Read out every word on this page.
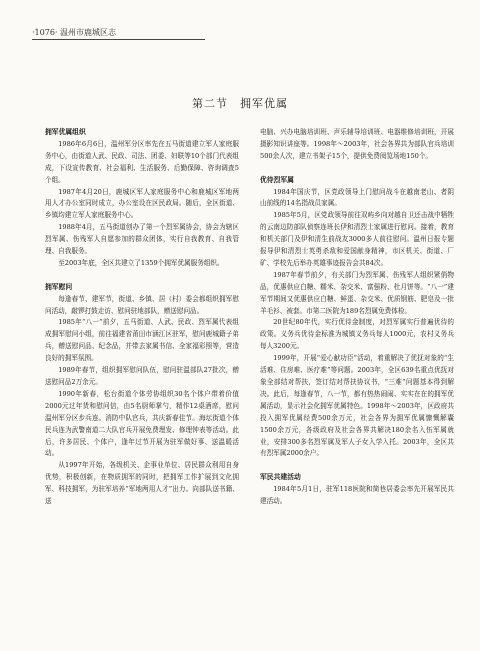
·1076· 温州市鹿城区志
第二节　拥军优属

拥军优属组织

1986年6月6日，温州军分区率先在五马街道建立军人家庭服务中心，由街道人武、民政、司法、团委、妇联等10个部门代表组成，下设宣传教育、社会福利、生活服务、后勤保障、咨询调查5个组。

1987年4月20日，鹿城区军人家庭服务中心和鹿城区军地两用人才办公室同时成立，办公室设在区民政局。随后，全区街道、乡镇均建立军人家庭服务中心。

1988年4月，五马街道创办了第一个烈军属协会，协会为辖区烈军属、伤残军人自愿参加的群众团体，实行自我教育、自我管理、自我服务。

至2003年底，全区共建立了1359个拥军优属服务组织。

拥军慰问

每逢春节、建军节，街道、乡镇、居（村）委会都组织拥军慰问活动，敲锣打鼓走访、慰问驻地部队，赠送慰问品。

1985年“八一”前夕，五马街道、人武、民政、烈军属代表组成拥军慰问小组，前往福建省莆田市涵江区驻军，慰问鹿城籍子弟兵，赠送慰问品、纪念品，并带去家属书信、全家福彩照等，营造良好的拥军氛围。

1989年春节，组织拥军慰问队伍，慰问驻温部队27批次，赠送慰问品2万余元。

1990年新春，松台街道个体劳协组织30名个体户带着价值2000元过年货和慰问信，由5名厨师掌勺，精作12桌酒席，慰问温州军分区步兵连。消防中队官兵，共庆新春佳节。海坛街道个体民兵连为武警南道二大队官兵开展免费理发、修理钟表等活动。此后，许多居民、个体户，逢年过节开展为驻军做好事、送温暖活动。

从1997年开始，各级机关、企事业单位、居民群众利用自身优势，积极创新，在物质拥军的同时，把拥军工作扩展到文化拥军、科技拥军，为驻军培养“军地两用人才”出力。向部队送书籍、送

电脑、兴办电脑培训班、声乐辅导培训班、电器维修培训班，开展摄影知识讲座等。1998年～2003年，社会各界共为部队官兵培训500余人次，建立书架子15个，提供免费阅览场地150个。

优待烈军属

1984年国庆节，区党政领导上门慰问战斗在越南老山、者阴山前线的14名指战员家属。

1985年5月，区党政领导前往双屿乡向对越自卫还击战中牺牲的云南边防部队侦察连班长伊和清烈士家属进行慰问。接着，教育和机关部门及伊和清生前战友3000多人前往慰问。温州日报专题报导伊和清烈士英勇杀敌和爱国献身精神，市区机关、街道、厂矿、学校先后举办英雄事迹报告会共84次。

1987年春节前夕，有关部门为烈军属、伤残军人组织紧俏物品，优惠供应白糖、糯米、杂交米、富强粉、杜月饼等。“八一”建军节期间又优惠供应白糖、鲜蛋、杂交米、优质钢筋、肥皂及一批羊毛衫、被套。市第二医院为189名烈属免费体检。

20世纪80年代，实行优待金制度，对烈军属实行普遍优待的政策。义务兵优待金标准为城镇义务兵每人1000元，农村义务兵每人3200元。

1999年，开展“爱心献功臣”活动，着重解决了优抚对象的“生活难、住房难、医疗难”等问题。2003年，全区639名重点优抚对象全部结对帮扶，签订结对帮扶协议书，“三难”问题基本得到解决。此后，每逢春节，八一节，都有热热闹闹、实实在在的拥军优属活动，显示社会化拥军优属特色。1998年～2003年，区政府共投入拥军优属经费500余万元，社会各界为拥军优属慷慨解囊1500余万元，各级政府及社会各界共解决180余名入伍军属就业，安排300多名烈军属及军人子女入学入托。2003年，全区共有烈军属2000余户。

军民共建活动

1984年5月1日，驻军118医院和简巷居委会率先开展军民共建活动。
